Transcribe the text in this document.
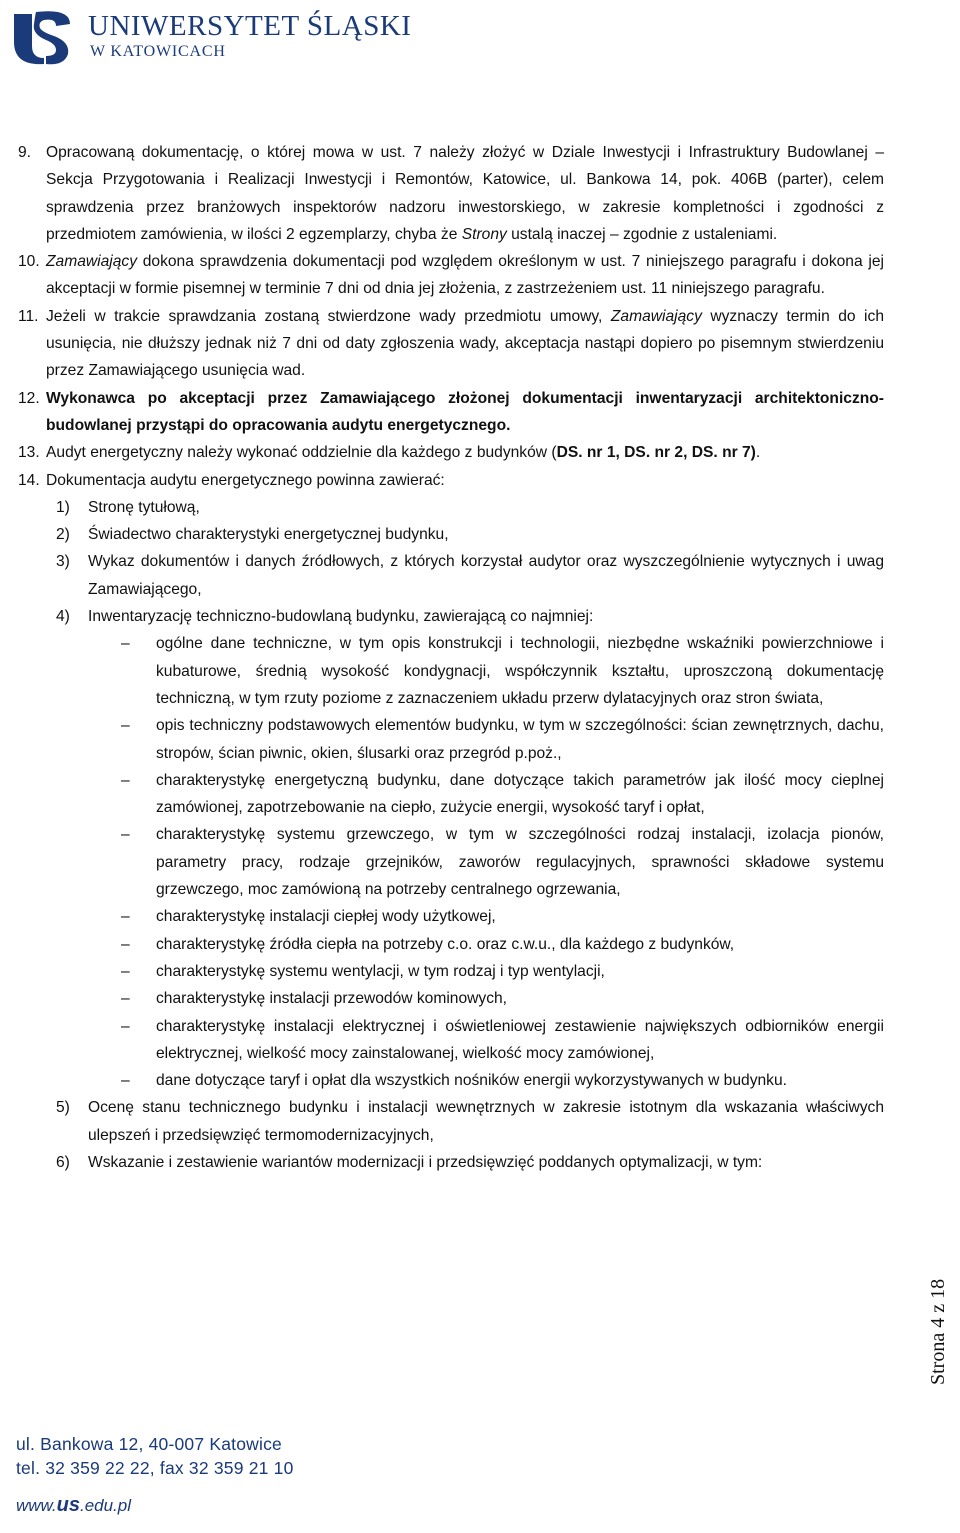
UNIWERSYTET ŚLĄSKI
W KATOWICACH
9. Opracowaną dokumentację, o której mowa w ust. 7 należy złożyć w Dziale Inwestycji i Infrastruktury Budowlanej – Sekcja Przygotowania i Realizacji Inwestycji i Remontów, Katowice, ul. Bankowa 14, pok. 406B (parter), celem sprawdzenia przez branżowych inspektorów nadzoru inwestorskiego, w zakresie kompletności i zgodności z przedmiotem zamówienia, w ilości 2 egzemplarzy, chyba że Strony ustalą inaczej – zgodnie z ustaleniami.
10. Zamawiający dokona sprawdzenia dokumentacji pod względem określonym w ust. 7 niniejszego paragrafu i dokona jej akceptacji w formie pisemnej w terminie 7 dni od dnia jej złożenia, z zastrzeżeniem ust. 11 niniejszego paragrafu.
11. Jeżeli w trakcie sprawdzania zostaną stwierdzone wady przedmiotu umowy, Zamawiający wyznaczy termin do ich usunięcia, nie dłuższy jednak niż 7 dni od daty zgłoszenia wady, akceptacja nastąpi dopiero po pisemnym stwierdzeniu przez Zamawiającego usunięcia wad.
12. Wykonawca po akceptacji przez Zamawiającego złożonej dokumentacji inwentaryzacji architektoniczno-budowlanej przystąpi do opracowania audytu energetycznego.
13. Audyt energetyczny należy wykonać oddzielnie dla każdego z budynków (DS. nr 1, DS. nr 2, DS. nr 7).
14. Dokumentacja audytu energetycznego powinna zawierać:
1) Stronę tytułową,
2) Świadectwo charakterystyki energetycznej budynku,
3) Wykaz dokumentów i danych źródłowych, z których korzystał audytor oraz wyszczególnienie wytycznych i uwag Zamawiającego,
4) Inwentaryzację techniczno-budowlaną budynku, zawierającą co najmniej:
– ogólne dane techniczne, w tym opis konstrukcji i technologii, niezbędne wskaźniki powierzchniowe i kubaturowe, średnią wysokość kondygnacji, współczynnik kształtu, uproszczoną dokumentację techniczną, w tym rzuty poziome z zaznaczeniem układu przerw dylatacyjnych oraz stron świata,
– opis techniczny podstawowych elementów budynku, w tym w szczególności: ścian zewnętrznych, dachu, stropów, ścian piwnic, okien, ślusarki oraz przegród p.poż.,
– charakterystykę energetyczną budynku, dane dotyczące takich parametrów jak ilość mocy cieplnej zamówionej, zapotrzebowanie na ciepło, zużycie energii, wysokość taryf i opłat,
– charakterystykę systemu grzewczego, w tym w szczególności rodzaj instalacji, izolacja pionów, parametry pracy, rodzaje grzejników, zaworów regulacyjnych, sprawności składowe systemu grzewczego, moc zamówioną na potrzeby centralnego ogrzewania,
– charakterystykę instalacji ciepłej wody użytkowej,
– charakterystykę źródła ciepła na potrzeby c.o. oraz c.w.u., dla każdego z budynków,
– charakterystykę systemu wentylacji, w tym rodzaj i typ wentylacji,
– charakterystykę instalacji przewodów kominowych,
– charakterystykę instalacji elektrycznej i oświetleniowej zestawienie największych odbiorników energii elektrycznej, wielkość mocy zainstalowanej, wielkość mocy zamówionej,
– dane dotyczące taryf i opłat dla wszystkich nośników energii wykorzystywanych w budynku.
5) Ocenę stanu technicznego budynku i instalacji wewnętrznych w zakresie istotnym dla wskazania właściwych ulepszeń i przedsięwzięć termomodernizacyjnych,
6) Wskazanie i zestawienie wariantów modernizacji i przedsięwzięć poddanych optymalizacji, w tym:
Strona 4 z 18
ul. Bankowa 12, 40-007 Katowice
tel. 32 359 22 22, fax 32 359 21 10
www.us.edu.pl
